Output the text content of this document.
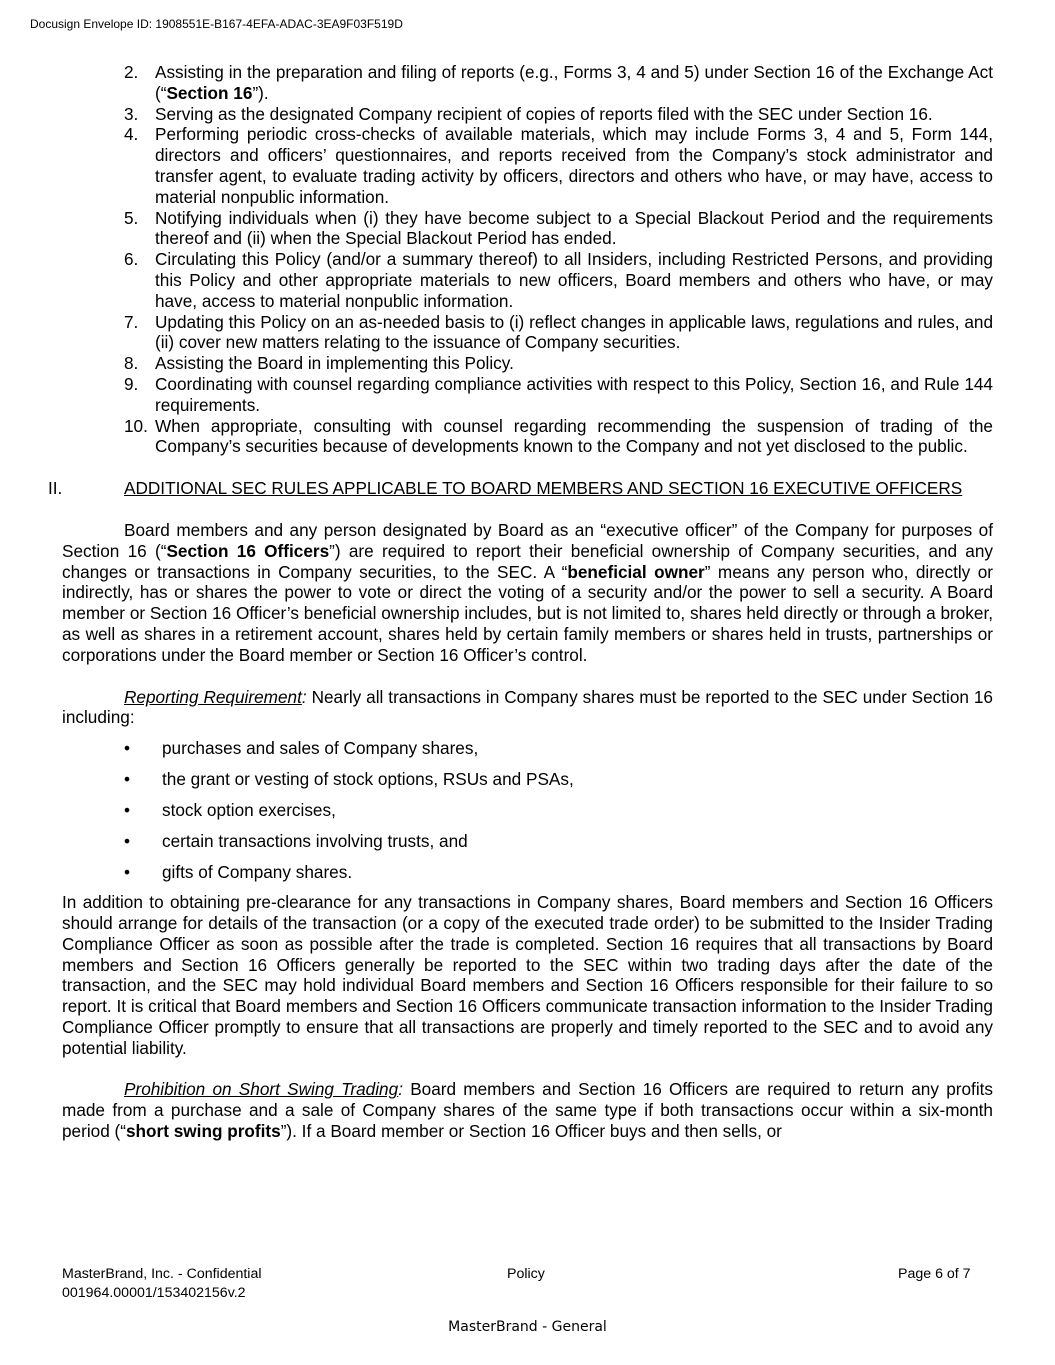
Docusign Envelope ID: 1908551E-B167-4EFA-ADAC-3EA9F03F519D
2. Assisting in the preparation and filing of reports (e.g., Forms 3, 4 and 5) under Section 16 of the Exchange Act (“Section 16”).
3. Serving as the designated Company recipient of copies of reports filed with the SEC under Section 16.
4. Performing periodic cross-checks of available materials, which may include Forms 3, 4 and 5, Form 144, directors and officers’ questionnaires, and reports received from the Company’s stock administrator and transfer agent, to evaluate trading activity by officers, directors and others who have, or may have, access to material nonpublic information.
5. Notifying individuals when (i) they have become subject to a Special Blackout Period and the requirements thereof and (ii) when the Special Blackout Period has ended.
6. Circulating this Policy (and/or a summary thereof) to all Insiders, including Restricted Persons, and providing this Policy and other appropriate materials to new officers, Board members and others who have, or may have, access to material nonpublic information.
7. Updating this Policy on an as-needed basis to (i) reflect changes in applicable laws, regulations and rules, and (ii) cover new matters relating to the issuance of Company securities.
8. Assisting the Board in implementing this Policy.
9. Coordinating with counsel regarding compliance activities with respect to this Policy, Section 16, and Rule 144 requirements.
10. When appropriate, consulting with counsel regarding recommending the suspension of trading of the Company’s securities because of developments known to the Company and not yet disclosed to the public.
II.	ADDITIONAL SEC RULES APPLICABLE TO BOARD MEMBERS AND SECTION 16 EXECUTIVE OFFICERS

Board members and any person designated by Board as an “executive officer” of the Company for purposes of Section 16 (“Section 16 Officers”) are required to report their beneficial ownership of Company securities, and any changes or transactions in Company securities, to the SEC. A “beneficial owner” means any person who, directly or indirectly, has or shares the power to vote or direct the voting of a security and/or the power to sell a security. A Board member or Section 16 Officer’s beneficial ownership includes, but is not limited to, shares held directly or through a broker, as well as shares in a retirement account, shares held by certain family members or shares held in trusts, partnerships or corporations under the Board member or Section 16 Officer’s control.

Reporting Requirement: Nearly all transactions in Company shares must be reported to the SEC under Section 16 including:

• purchases and sales of Company shares,
• the grant or vesting of stock options, RSUs and PSAs,
• stock option exercises,
• certain transactions involving trusts, and
• gifts of Company shares.

In addition to obtaining pre-clearance for any transactions in Company shares, Board members and Section 16 Officers should arrange for details of the transaction (or a copy of the executed trade order) to be submitted to the Insider Trading Compliance Officer as soon as possible after the trade is completed. Section 16 requires that all transactions by Board members and Section 16 Officers generally be reported to the SEC within two trading days after the date of the transaction, and the SEC may hold individual Board members and Section 16 Officers responsible for their failure to so report. It is critical that Board members and Section 16 Officers communicate transaction information to the Insider Trading Compliance Officer promptly to ensure that all transactions are properly and timely reported to the SEC and to avoid any potential liability.

Prohibition on Short Swing Trading: Board members and Section 16 Officers are required to return any profits made from a purchase and a sale of Company shares of the same type if both transactions occur within a six-month period (“short swing profits”). If a Board member or Section 16 Officer buys and then sells, or

MasterBrand, Inc. - Confidential
001964.00001/153402156v.2
Policy	Page 6 of 7
MasterBrand - General
